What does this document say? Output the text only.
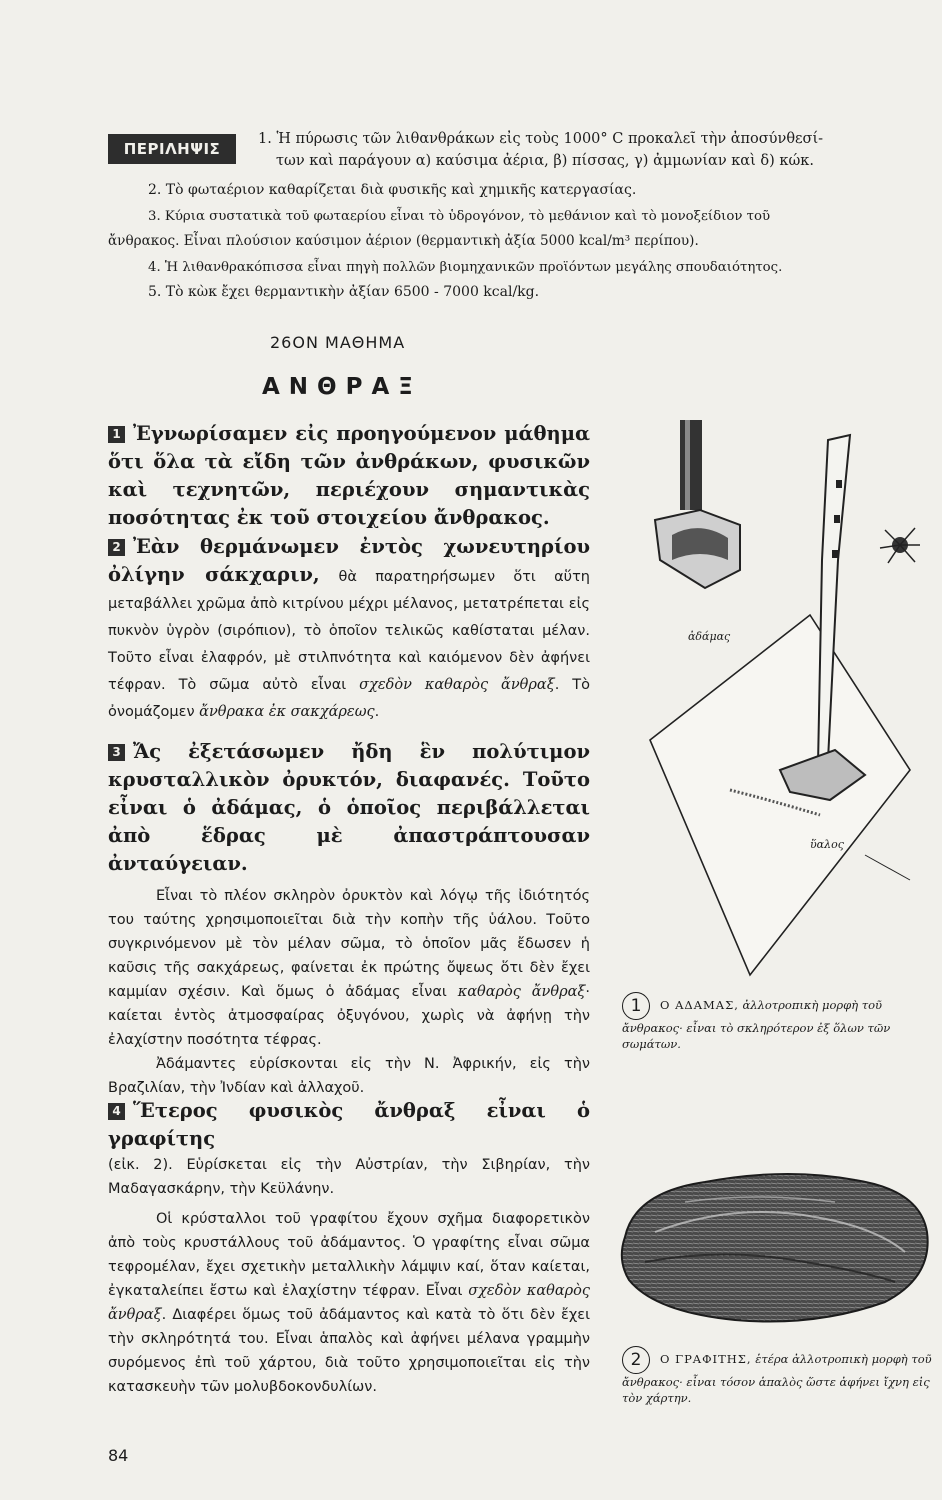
ΠΕΡΙΛΗΨΙΣ
1. Ἡ πύρωσις τῶν λιθανθράκων εἰς τοὺς 1000° C προκαλεῖ τὴν ἀποσύνθεσί-
των καὶ παράγουν α) καύσιμα ἀέρια, β) πίσσας, γ) ἀμμωνίαν καὶ δ) κώκ.
2. Τὸ φωταέριον καθαρίζεται διὰ φυσικῆς καὶ χημικῆς κατεργασίας.
3. Κύρια συστατικὰ τοῦ φωταερίου εἶναι τὸ ὑδρογόνον, τὸ μεθάνιον καὶ τὸ μονοξείδιον τοῦ
ἄνθρακος. Εἶναι πλούσιον καύσιμον ἀέριον (θερμαντικὴ ἀξία 5000 kcal/m³ περίπου).
4. Ἡ λιθανθρακόπισσα εἶναι πηγὴ πολλῶν βιομηχανικῶν προϊόντων μεγάλης σπουδαιότητος.
5. Τὸ κὼκ ἔχει θερμαντικὴν ἀξίαν 6500 - 7000 kcal/kg.
26ΟΝ ΜΑΘΗΜΑ
ΑΝΘΡΑΞ

1 Ἐγνωρίσαμεν εἰς προηγούμενον μάθημα ὅτι ὅλα τὰ εἴδη τῶν ἀνθράκων, φυσικῶν καὶ τεχνητῶν, περιέχουν σημαντικὰς ποσότητας ἐκ τοῦ στοιχείου ἄνθρακος.

2 Ἐὰν θερμάνωμεν ἐντὸς χωνευτηρίου ὀλίγην σάκχαριν, θὰ παρατηρήσωμεν ὅτι αὕτη μεταβάλλει χρῶμα ἀπὸ κιτρίνου μέχρι μέλανος, μετατρέπεται εἰς πυκνὸν ὑγρὸν (σιρόπιον), τὸ ὁποῖον τελικῶς καθίσταται μέλαν. Τοῦτο εἶναι ἐλαφρόν, μὲ στιλπνότητα καὶ καιόμενον δὲν ἀφήνει τέφραν. Τὸ σῶμα αὐτὸ εἶναι σχεδὸν καθαρὸς ἄνθραξ. Τὸ ὀνομάζομεν ἄνθρακα ἐκ σακχάρεως.

3 Ἄς ἐξετάσωμεν ἤδη ἓν πολύτιμον κρυσταλλικὸν ὀρυκτόν, διαφανές. Τοῦτο εἶναι ὁ ἀδάμας, ὁ ὁποῖος περιβάλλεται ἀπὸ ἕδρας μὲ ἀπαστράπτουσαν ἀνταύγειαν.

Εἶναι τὸ πλέον σκληρὸν ὀρυκτὸν καὶ λόγῳ τῆς ἰδιότητός του ταύτης χρησιμοποιεῖται διὰ τὴν κοπὴν τῆς ὑάλου. Τοῦτο συγκρινόμενον μὲ τὸν μέλαν σῶμα, τὸ ὁποῖον μᾶς ἔδωσεν ἡ καῦσις τῆς σακχάρεως, φαίνεται ἐκ πρώτης ὄψεως ὅτι δὲν ἔχει καμμίαν σχέσιν. Καὶ ὅμως ὁ ἀδάμας εἶναι καθαρὸς ἄνθραξ· καίεται ἐντὸς ἀτμοσφαίρας ὀξυγόνου, χωρὶς νὰ ἀφήνῃ τὴν ἐλαχίστην ποσότητα τέφρας.

Ἀδάμαντες εὑρίσκονται εἰς τὴν Ν. Ἀφρικήν, εἰς τὴν Βραζιλίαν, τὴν Ἰνδίαν καὶ ἀλλαχοῦ.

4 Ἕτερος φυσικὸς ἄνθραξ εἶναι ὁ γραφίτης

(εἰκ. 2). Εὑρίσκεται εἰς τὴν Αὐστρίαν, τὴν Σιβηρίαν, τὴν Μαδαγασκάρην, τὴν Κεϋλάνην.

Οἱ κρύσταλλοι τοῦ γραφίτου ἔχουν σχῆμα διαφορετικὸν ἀπὸ τοὺς κρυστάλλους τοῦ ἀδάμαντος. Ὁ γραφίτης εἶναι σῶμα τεφρομέλαν, ἔχει σχετικὴν μεταλλικὴν λάμψιν καί, ὅταν καίεται, ἐγκαταλείπει ἔστω καὶ ἐλαχίστην τέφραν. Εἶναι σχεδὸν καθαρὸς ἄνθραξ. Διαφέρει ὅμως τοῦ ἀδάμαντος καὶ κατὰ τὸ ὅτι δὲν ἔχει τὴν σκληρότητά του. Εἶναι ἁπαλὸς καὶ ἀφήνει μέλανα γραμμὴν συρόμενος ἐπὶ τοῦ χάρτου, διὰ τοῦτο χρησιμοποιεῖται εἰς τὴν κατασκευὴν τῶν μολυβδοκονδυλίων.

ἀδάμας
ὕαλος
1 Ο ΑΔΑΜΑΣ, ἀλλοτροπικὴ μορφὴ τοῦ ἄνθρακος· εἶναι τὸ σκληρότερον ἐξ ὅλων τῶν σωμάτων.
2 Ο ΓΡΑΦΙΤΗΣ, ἑτέρα ἀλλοτροπικὴ μορφὴ τοῦ ἄνθρακος· εἶναι τόσον ἁπαλὸς ὥστε ἀφήνει ἴχνη εἰς τὸν χάρτην.
84
